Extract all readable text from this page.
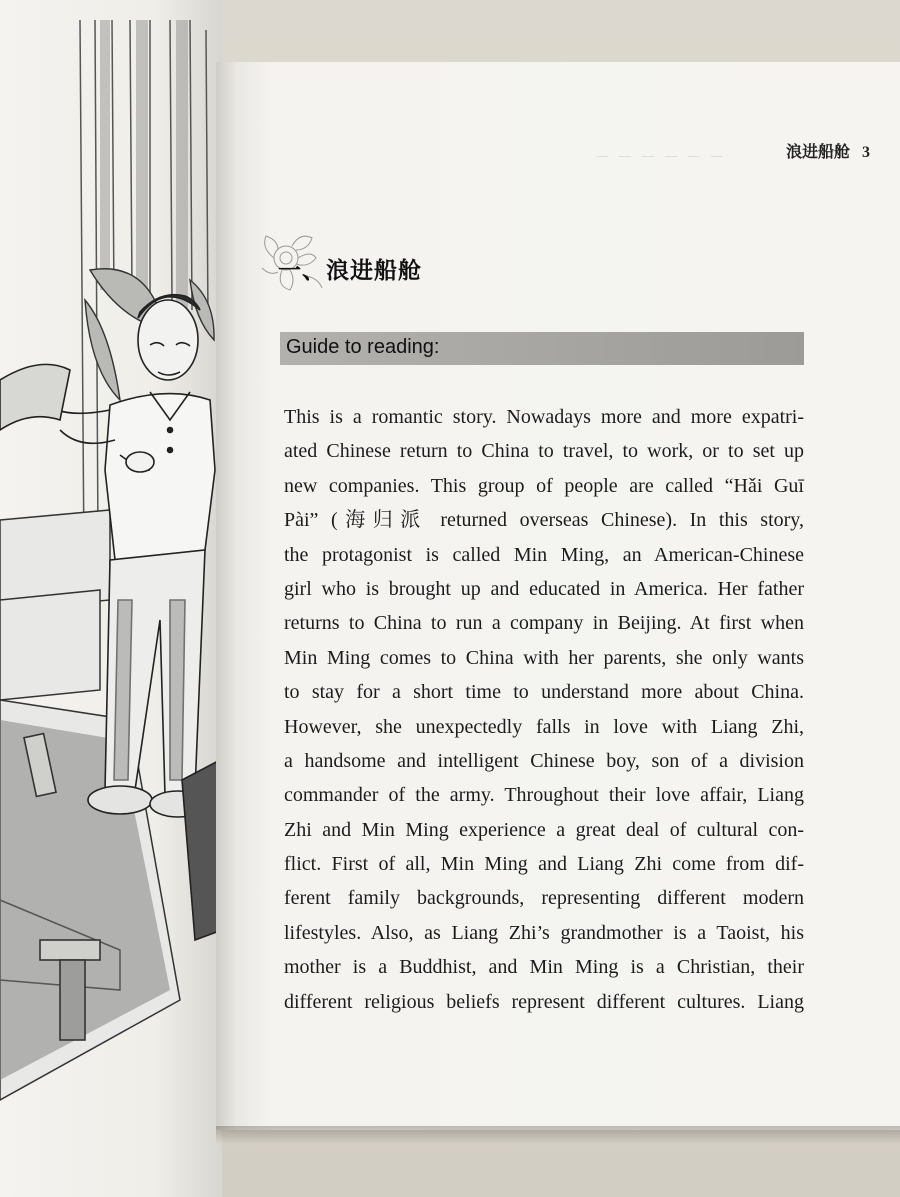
— — — — — —	浪进船舱 3
一、浪进船舱
Guide to reading:
This is a romantic story. Nowadays more and more expatri-
ated Chinese return to China to travel, to work, or to set up
new companies. This group of people are called “Hǎi Guī
Pài” (海归派 returned overseas Chinese). In this story,
the protagonist is called Min Ming, an American-Chinese
girl who is brought up and educated in America. Her father
returns to China to run a company in Beijing. At first when
Min Ming comes to China with her parents, she only wants
to stay for a short time to understand more about China.
However, she unexpectedly falls in love with Liang Zhi,
a handsome and intelligent Chinese boy, son of a division
commander of the army. Throughout their love affair, Liang
Zhi and Min Ming experience a great deal of cultural con-
flict. First of all, Min Ming and Liang Zhi come from dif-
ferent family backgrounds, representing different modern
lifestyles. Also, as Liang Zhi’s grandmother is a Taoist, his
mother is a Buddhist, and Min Ming is a Christian, their
different religious beliefs represent different cultures. Liang
